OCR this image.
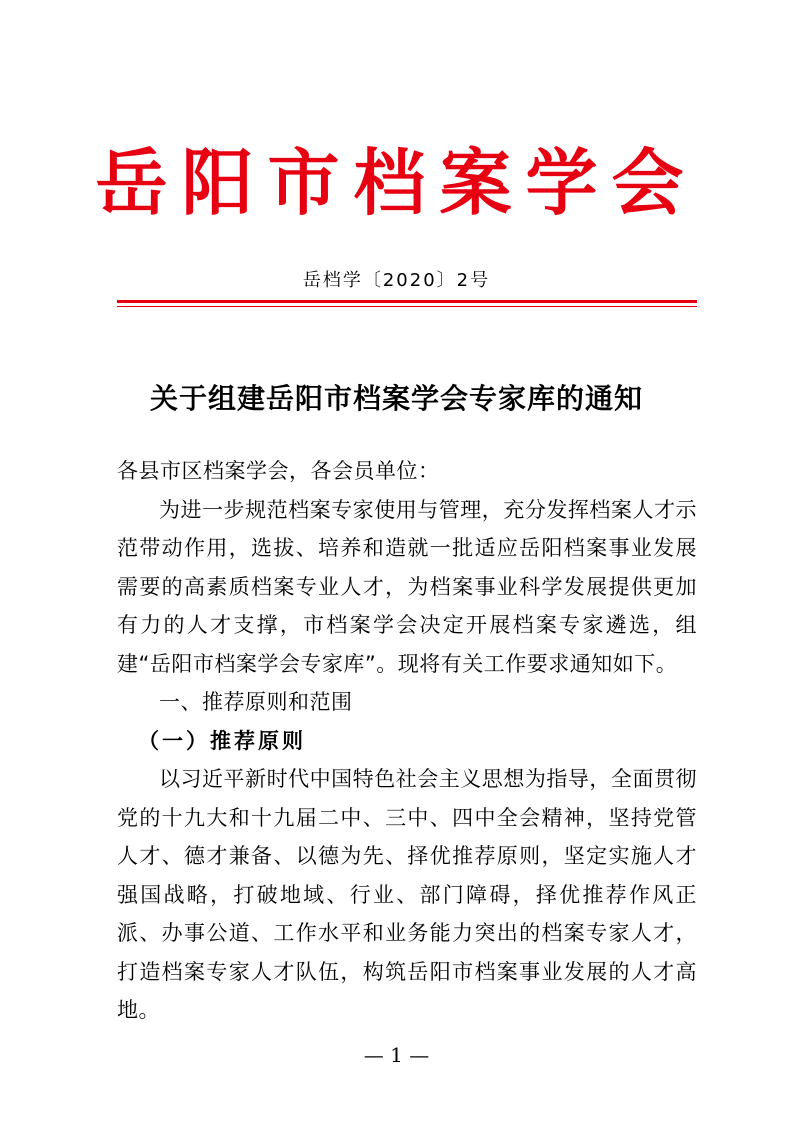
岳阳市档案学会
岳档学〔2020〕2号
关于组建岳阳市档案学会专家库的通知

各县市区档案学会，各会员单位：

为进一步规范档案专家使用与管理，充分发挥档案人才示范带动作用，选拔、培养和造就一批适应岳阳档案事业发展需要的高素质档案专业人才，为档案事业科学发展提供更加有力的人才支撑，市档案学会决定开展档案专家遴选，组建“岳阳市档案学会专家库”。现将有关工作要求通知如下。

一、推荐原则和范围

（一）推荐原则

以习近平新时代中国特色社会主义思想为指导，全面贯彻党的十九大和十九届二中、三中、四中全会精神，坚持党管人才、德才兼备、以德为先、择优推荐原则，坚定实施人才强国战略，打破地域、行业、部门障碍，择优推荐作风正派、办事公道、工作水平和业务能力突出的档案专家人才，打造档案专家人才队伍，构筑岳阳市档案事业发展的人才高地。

— 1 —
